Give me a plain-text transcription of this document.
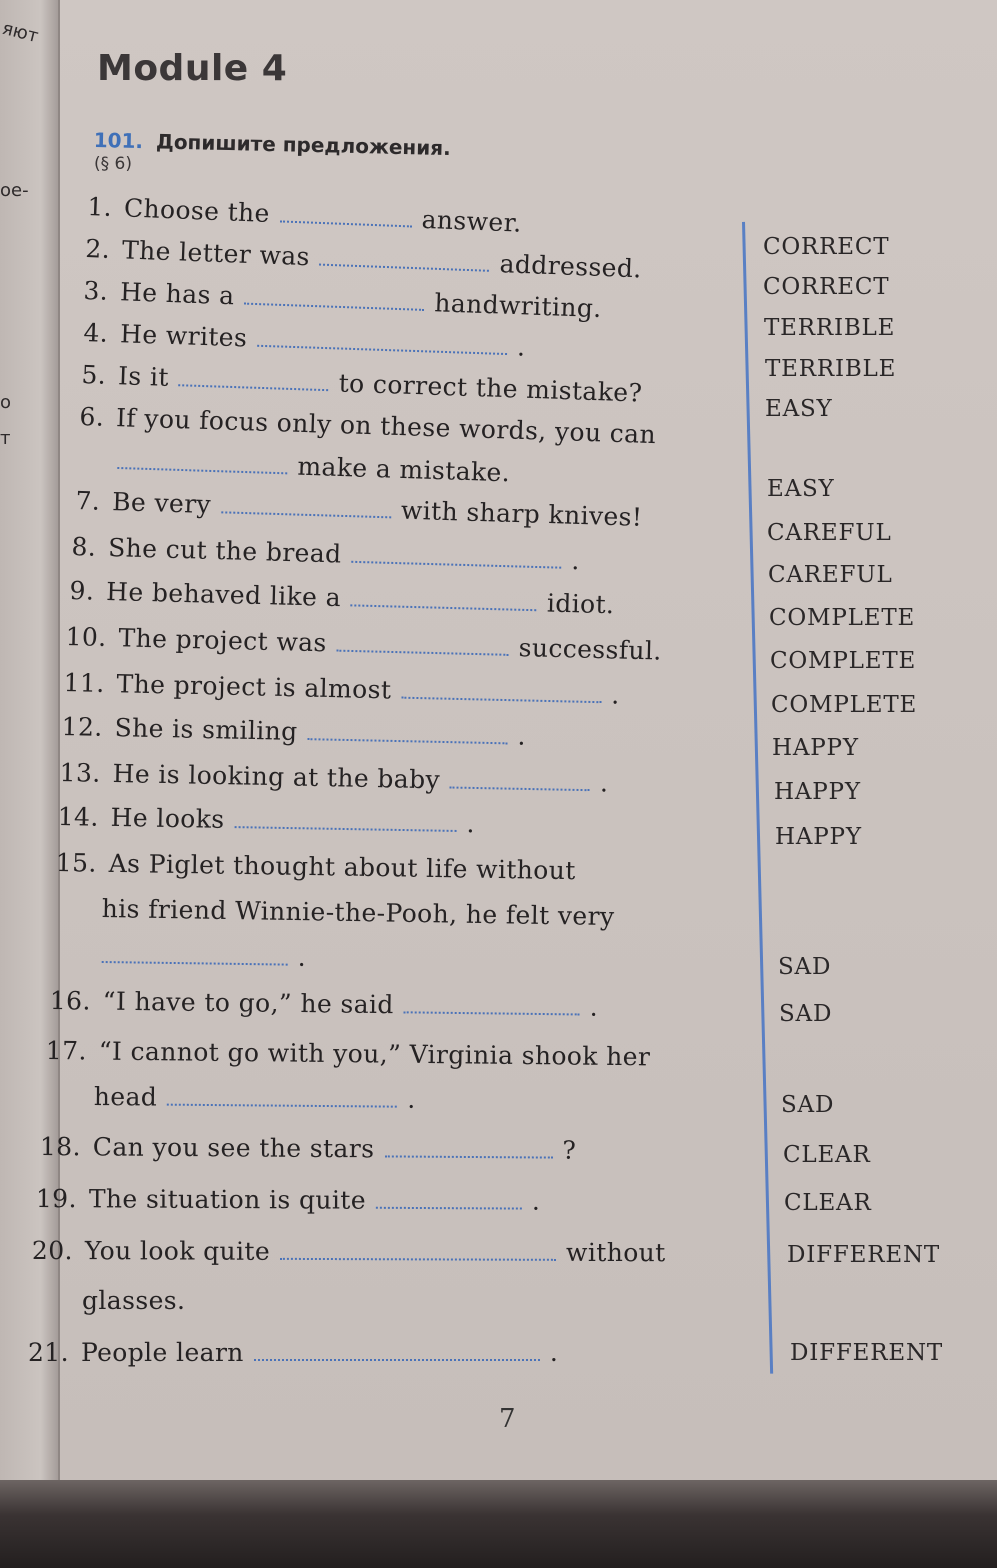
яют
ое-
о
т
Module 4
101. Допишите предложения.
(§ 6)
1. Choose the	answer.
2. The letter was	addressed.
3. He has a	handwriting.
4. He writes	.
5. Is it	to correct the mistake?
6. If you focus only on these words, you can
make a mistake.
7. Be very	with sharp knives!
8. She cut the bread	.
9. He behaved like a	idiot.
10. The project was	successful.
11. The project is almost	.
12. She is smiling	.
13. He is looking at the baby	.
14. He looks	.
15. As Piglet thought about life without
his friend Winnie-the-Pooh, he felt very
.
16. “I have to go,” he said	.
17. “I cannot go with you,” Virginia shook her
head	.
18. Can you see the stars	?
19. The situation is quite	.
20. You look quite	without
glasses.
21. People learn	.
CORRECT
CORRECT
TERRIBLE
TERRIBLE
EASY
EASY
CAREFUL
CAREFUL
COMPLETE
COMPLETE
COMPLETE
HAPPY
HAPPY
HAPPY
SAD
SAD
SAD
CLEAR
CLEAR
DIFFERENT
DIFFERENT
7
